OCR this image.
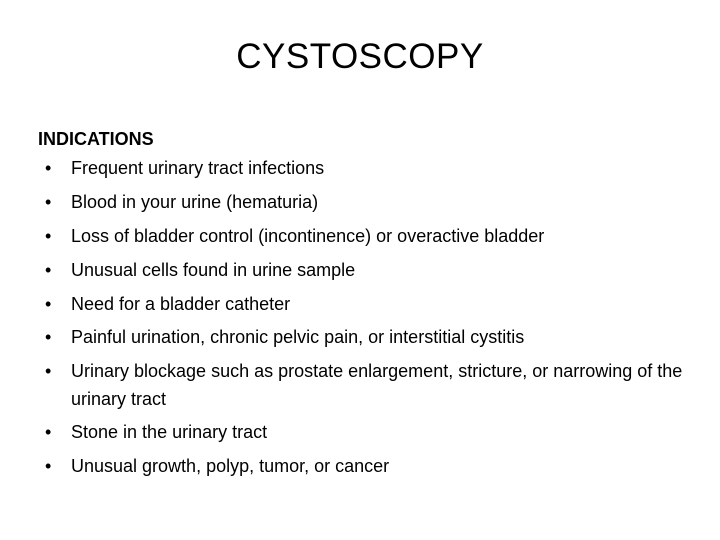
CYSTOSCOPY
INDICATIONS
• Frequent urinary tract infections
• Blood in your urine (hematuria)
• Loss of bladder control (incontinence) or overactive bladder
• Unusual cells found in urine sample
• Need for a bladder catheter
• Painful urination, chronic pelvic pain, or interstitial cystitis
• Urinary blockage such as prostate enlargement, stricture, or narrowing of the urinary tract
• Stone in the urinary tract
• Unusual growth, polyp, tumor, or cancer
